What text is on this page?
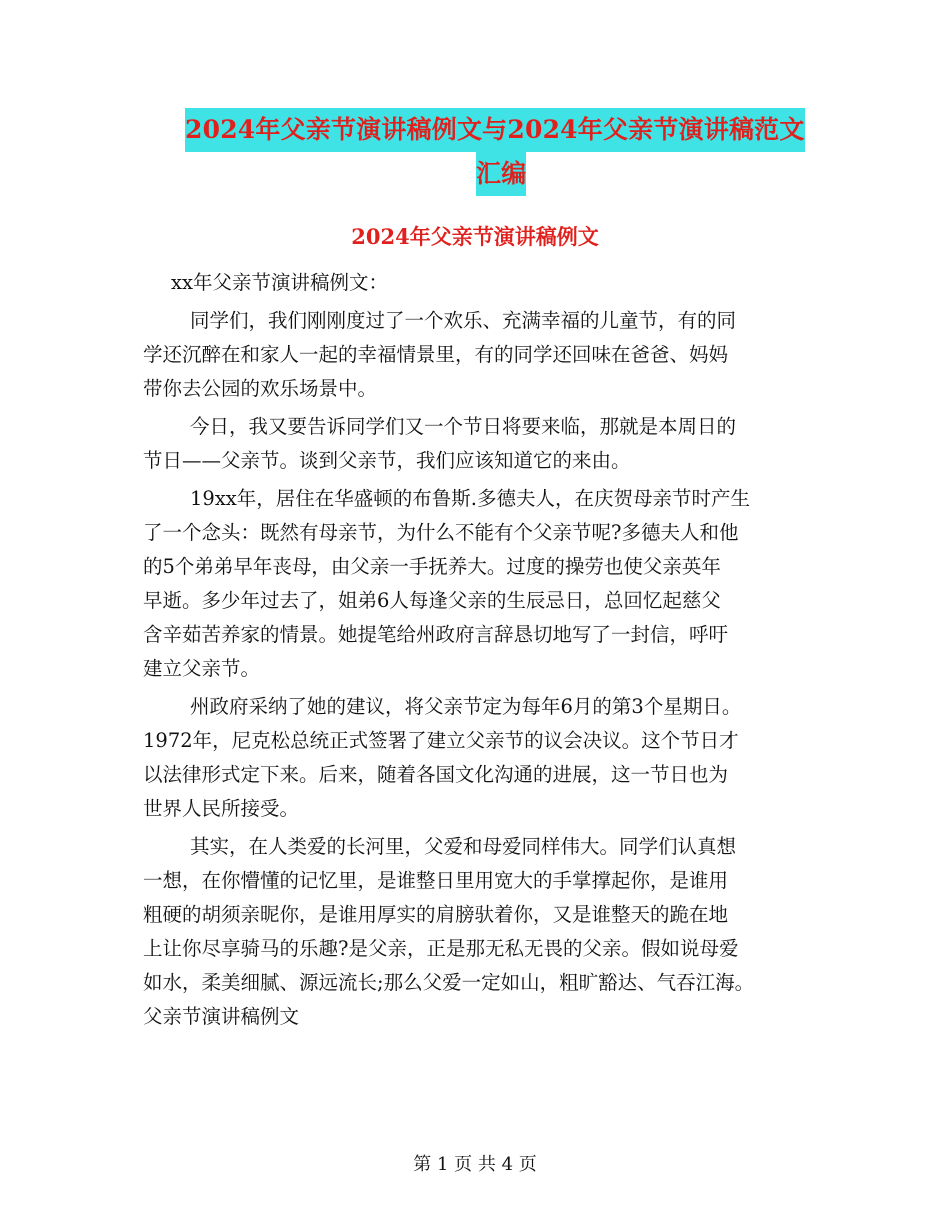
2024年父亲节演讲稿例文与2024年父亲节演讲稿范文
汇编
2024年父亲节演讲稿例文
xx年父亲节演讲稿例文：
同学们，我们刚刚度过了一个欢乐、充满幸福的儿童节，有的同
学还沉醉在和家人一起的幸福情景里，有的同学还回味在爸爸、妈妈
带你去公园的欢乐场景中。
今日，我又要告诉同学们又一个节日将要来临，那就是本周日的
节日——父亲节。谈到父亲节，我们应该知道它的来由。
19xx年，居住在华盛顿的布鲁斯.多德夫人，在庆贺母亲节时产生
了一个念头：既然有母亲节，为什么不能有个父亲节呢?多德夫人和他
的5个弟弟早年丧母，由父亲一手抚养大。过度的操劳也使父亲英年
早逝。多少年过去了，姐弟6人每逢父亲的生辰忌日，总回忆起慈父
含辛茹苦养家的情景。她提笔给州政府言辞恳切地写了一封信，呼吁
建立父亲节。
州政府采纳了她的建议，将父亲节定为每年6月的第3个星期日。
1972年，尼克松总统正式签署了建立父亲节的议会决议。这个节日才
以法律形式定下来。后来，随着各国文化沟通的进展，这一节日也为
世界人民所接受。
其实，在人类爱的长河里，父爱和母爱同样伟大。同学们认真想
一想，在你懵懂的记忆里，是谁整日里用宽大的手掌撑起你，是谁用
粗硬的胡须亲昵你，是谁用厚实的肩膀驮着你，又是谁整天的跪在地
上让你尽享骑马的乐趣?是父亲，正是那无私无畏的父亲。假如说母爱
如水，柔美细腻、源远流长;那么父爱一定如山，粗旷豁达、气吞江海。
父亲节演讲稿例文
第 1 页 共 4 页
